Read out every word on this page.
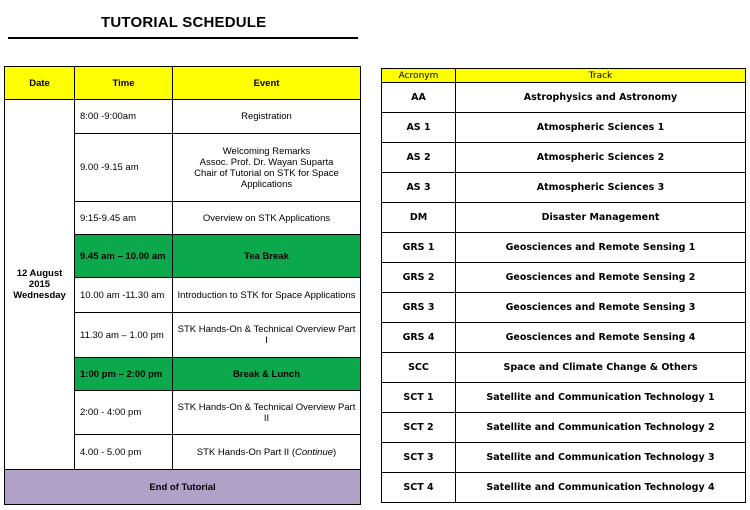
TUTORIAL SCHEDULE
Date	Time	Event

12 August
2015
Wednesday	8:00 -9:00am	Registration

	9.00 -9.15 am	Welcoming Remarks
Assoc. Prof. Dr. Wayan Suparta
Chair of Tutorial on STK for Space Applications

	9:15-9.45 am	Overview on STK Applications

	9.45 am – 10.00 am	Tea Break

	10.00 am -11.30 am	Introduction to STK for Space Applications

	11.30 am – 1.00 pm	STK Hands-On & Technical Overview Part I

	1:00 pm – 2:00 pm	Break & Lunch

	2:00 - 4:00 pm	STK Hands-On & Technical Overview Part II

	4.00 - 5.00 pm	STK Hands-On Part II (Continue)
End of Tutorial		
Acronym	Track
AA	Astrophysics and Astronomy
AS 1	Atmospheric Sciences 1
AS 2	Atmospheric Sciences 2
AS 3	Atmospheric Sciences 3
DM	Disaster Management
GRS 1	Geosciences and Remote Sensing 1
GRS 2	Geosciences and Remote Sensing 2
GRS 3	Geosciences and Remote Sensing 3
GRS 4	Geosciences and Remote Sensing 4
SCC	Space and Climate Change & Others
SCT 1	Satellite and Communication Technology 1
SCT 2	Satellite and Communication Technology 2
SCT 3	Satellite and Communication Technology 3
SCT 4	Satellite and Communication Technology 4
